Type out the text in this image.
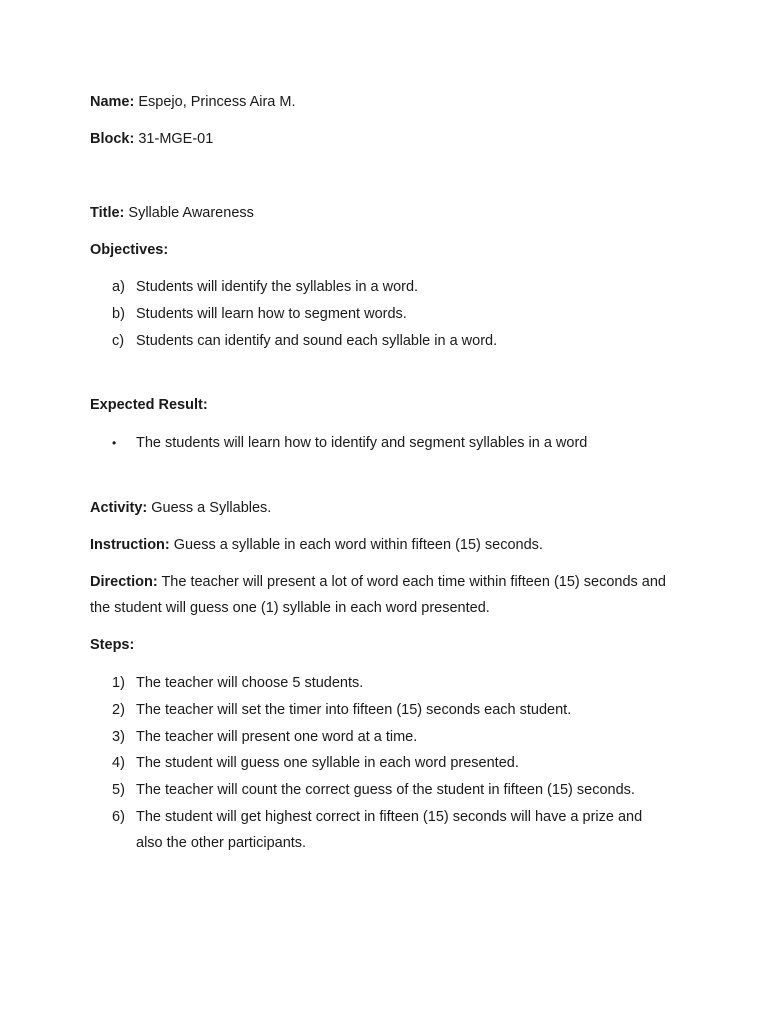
Name: Espejo, Princess Aira M.
Block: 31-MGE-01
Title: Syllable Awareness
Objectives:
a) Students will identify the syllables in a word.
b) Students will learn how to segment words.
c) Students can identify and sound each syllable in a word.
Expected Result:
• The students will learn how to identify and segment syllables in a word
Activity: Guess a Syllables.
Instruction: Guess a syllable in each word within fifteen (15) seconds.
Direction: The teacher will present a lot of word each time within fifteen (15) seconds and the student will guess one (1) syllable in each word presented.
Steps:
1) The teacher will choose 5 students.
2) The teacher will set the timer into fifteen (15) seconds each student.
3) The teacher will present one word at a time.
4) The student will guess one syllable in each word presented.
5) The teacher will count the correct guess of the student in fifteen (15) seconds.
6) The student will get highest correct in fifteen (15) seconds will have a prize and
also the other participants.
